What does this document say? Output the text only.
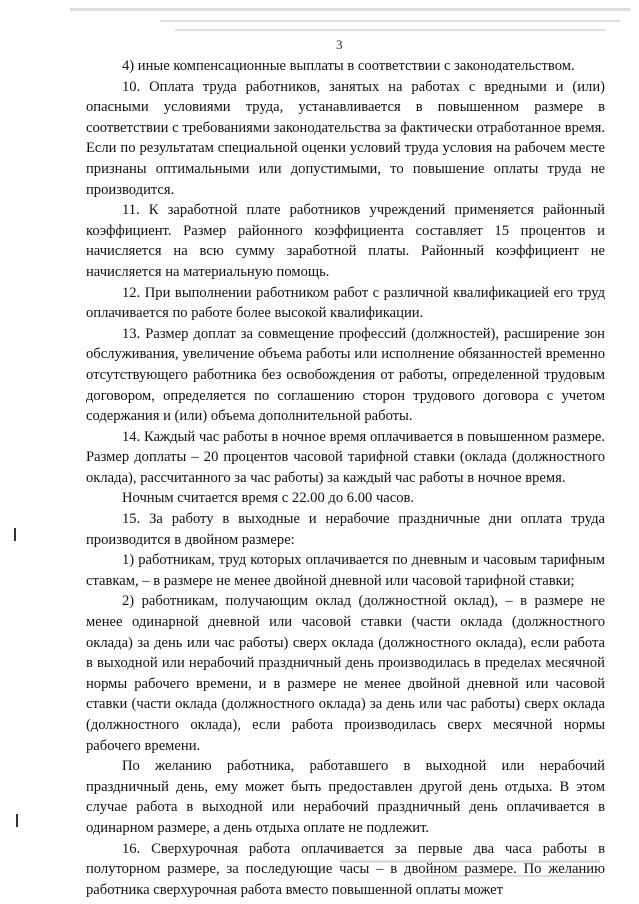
3

4) иные компенсационные выплаты в соответствии с законодательством.

10. Оплата труда работников, занятых на работах с вредными и (или) опасными условиями труда, устанавливается в повышенном размере в соответствии с требованиями законодательства за фактически отработанное время. Если по результатам специальной оценки условий труда условия на рабочем месте признаны оптимальными или допустимыми, то повышение оплаты труда не производится.

11. К заработной плате работников учреждений применяется районный коэффициент. Размер районного коэффициента составляет 15 процентов и начисляется на всю сумму заработной платы. Районный коэффициент не начисляется на материальную помощь.

12. При выполнении работником работ с различной квалификацией его труд оплачивается по работе более высокой квалификации.

13. Размер доплат за совмещение профессий (должностей), расширение зон обслуживания, увеличение объема работы или исполнение обязанностей временно отсутствующего работника без освобождения от работы, определенной трудовым договором, определяется по соглашению сторон трудового договора с учетом содержания и (или) объема дополнительной работы.

14. Каждый час работы в ночное время оплачивается в повышенном размере. Размер доплаты – 20 процентов часовой тарифной ставки (оклада (должностного оклада), рассчитанного за час работы) за каждый час работы в ночное время.

Ночным считается время с 22.00 до 6.00 часов.

15. За работу в выходные и нерабочие праздничные дни оплата труда производится в двойном размере:

1) работникам, труд которых оплачивается по дневным и часовым тарифным ставкам, – в размере не менее двойной дневной или часовой тарифной ставки;

2) работникам, получающим оклад (должностной оклад), – в размере не менее одинарной дневной или часовой ставки (части оклада (должностного оклада) за день или час работы) сверх оклада (должностного оклада), если работа в выходной или нерабочий праздничный день производилась в пределах месячной нормы рабочего времени, и в размере не менее двойной дневной или часовой ставки (части оклада (должностного оклада) за день или час работы) сверх оклада (должностного оклада), если работа производилась сверх месячной нормы рабочего времени.

По желанию работника, работавшего в выходной или нерабочий праздничный день, ему может быть предоставлен другой день отдыха. В этом случае работа в выходной или нерабочий праздничный день оплачивается в одинарном размере, а день отдыха оплате не подлежит.

16. Сверхурочная работа оплачивается за первые два часа работы в полуторном размере, за последующие часы – в двойном размере. По желанию работника сверхурочная работа вместо повышенной оплаты может
